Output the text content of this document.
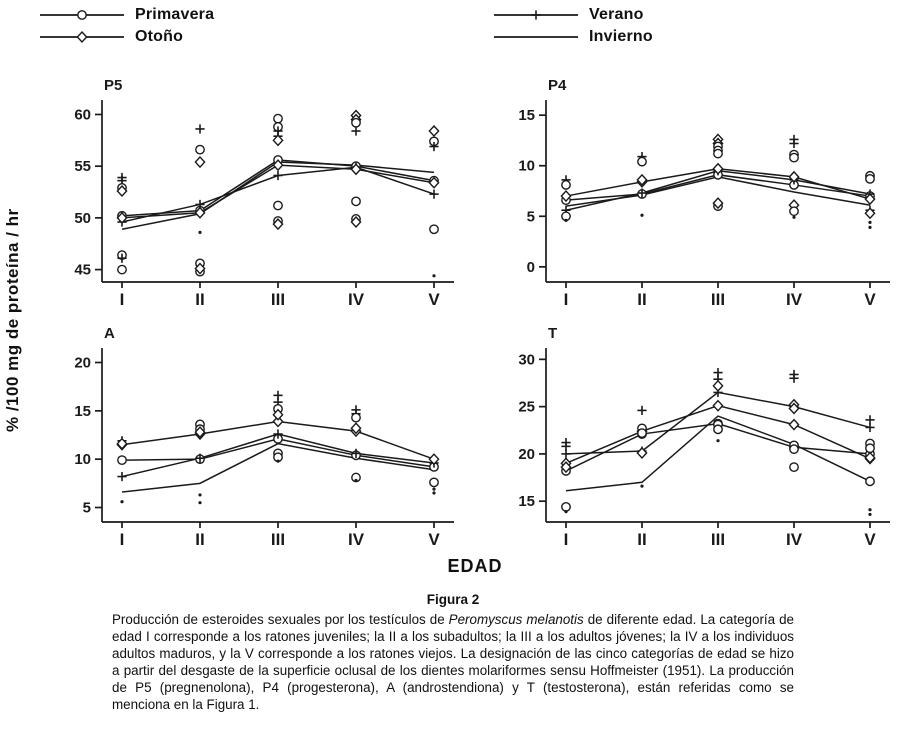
Primavera
Otoño
Verano
Invierno
% /100 mg de proteína / hr	45
50
55
60
I	II	III	IV	V
P5
0
5
10
15
I	II	III	IV	V
P4
5
10
15
20
I	II	III	IV	V
A
15
20
25
30
I	II	III	IV	V
T
EDAD
Figura 2

Producción de esteroides sexuales por los testículos de Peromyscus melanotis de diferente edad. La categoría de edad I corresponde a los ratones juveniles; la II a los subadultos; la III a los adultos jóvenes; la IV a los individuos adultos maduros, y la V corresponde a los ratones viejos. La designación de las cinco categorías de edad se hizo a partir del desgaste de la superficie oclusal de los dientes molariformes sensu Hoffmeister (1951). La producción de P5 (pregnenolona), P4 (progesterona), A (androstendiona) y T (testosterona), están referidas como se menciona en la Figura 1.
